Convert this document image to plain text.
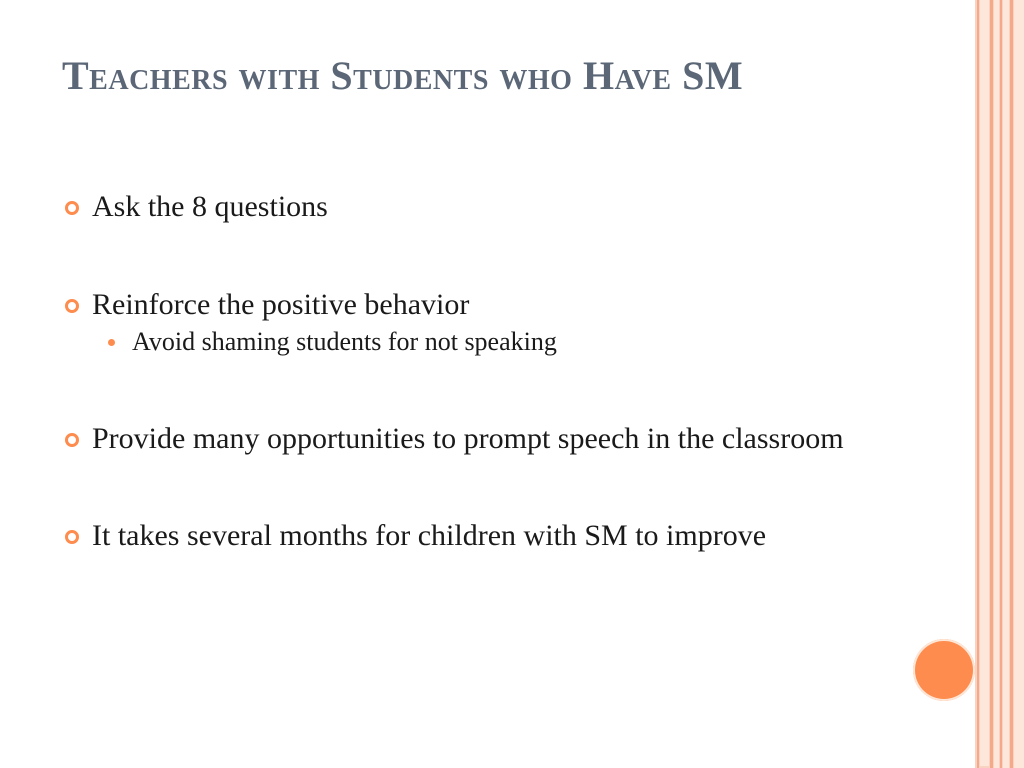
Teachers with Students who Have SM
Ask the 8 questions
Reinforce the positive behavior
Avoid shaming students for not speaking
Provide many opportunities to prompt speech in the classroom
It takes several months for children with SM to improve
